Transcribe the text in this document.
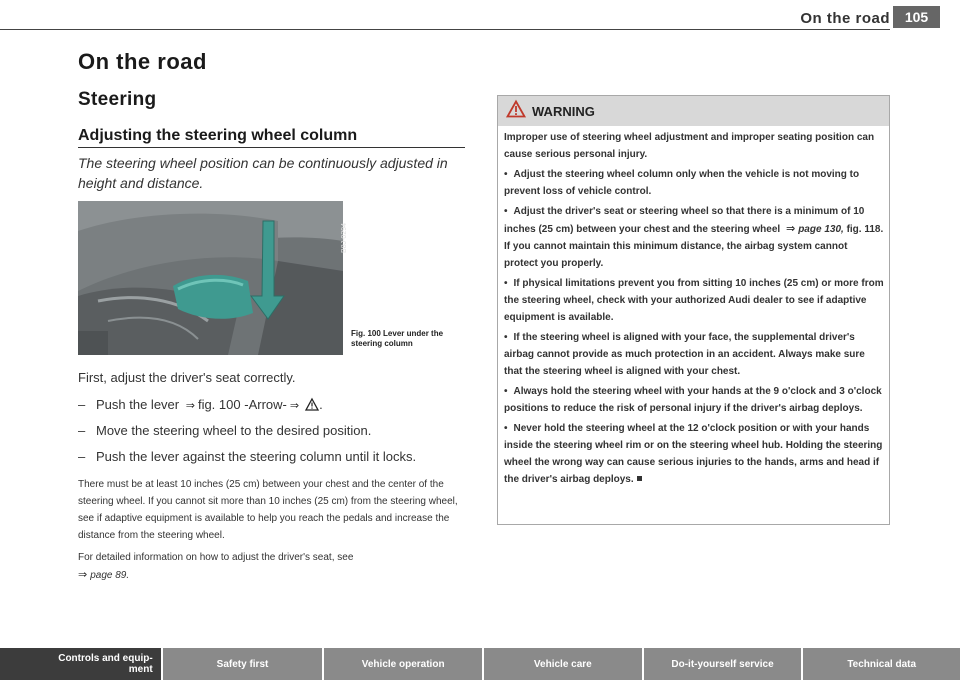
On the road	105
On the road
Steering
Adjusting the steering wheel column
The steering wheel position can be continuously adjusted in height and distance.
B8J-0294
Fig. 100 Lever under the steering column
First, adjust the driver's seat correctly.
– Push the lever ⇒ fig. 100 -Arrow- ⇒ .
– Move the steering wheel to the desired position.
– Push the lever against the steering column until it locks.

There must be at least 10 inches (25 cm) between your chest and the center of the steering wheel. If you cannot sit more than 10 inches (25 cm) from the steering wheel, see if adaptive equipment is available to help you reach the pedals and increase the distance from the steering wheel.

For detailed information on how to adjust the driver's seat, see
⇒ page 89.

WARNING

Improper use of steering wheel adjustment and improper seating position can cause serious personal injury.

• Adjust the steering wheel column only when the vehicle is not moving to prevent loss of vehicle control.

• Adjust the driver's seat or steering wheel so that there is a minimum of 10 inches (25 cm) between your chest and the steering wheel ⇒ page 130, fig. 118. If you cannot maintain this minimum distance, the airbag system cannot protect you properly.

• If physical limitations prevent you from sitting 10 inches (25 cm) or more from the steering wheel, check with your authorized Audi dealer to see if adaptive equipment is available.

• If the steering wheel is aligned with your face, the supplemental driver's airbag cannot provide as much protection in an accident. Always make sure that the steering wheel is aligned with your chest.

• Always hold the steering wheel with your hands at the 9 o'clock and 3 o'clock positions to reduce the risk of personal injury if the driver's airbag deploys.

• Never hold the steering wheel at the 12 o'clock position or with your hands inside the steering wheel rim or on the steering wheel hub. Holding the steering wheel the wrong way can cause serious injuries to the hands, arms and head if the driver's airbag deploys.

Controls and equip-
ment	Safety first	Vehicle operation	Vehicle care	Do-it-yourself service	Technical data
